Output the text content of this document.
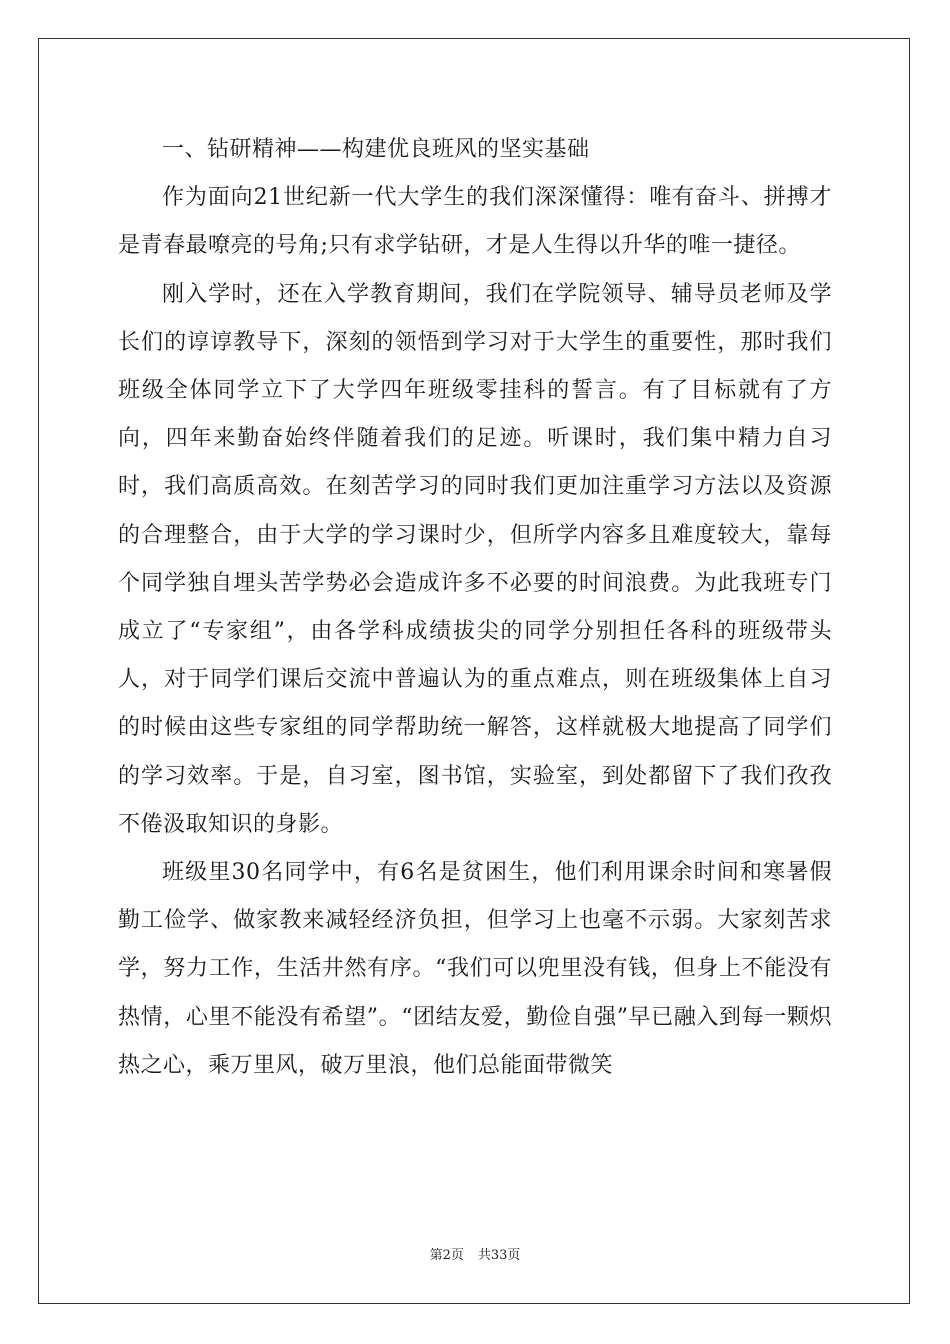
一、钻研精神——构建优良班风的坚实基础

作为面向21世纪新一代大学生的我们深深懂得：唯有奋斗、拼搏才是青春最嘹亮的号角;只有求学钻研，才是人生得以升华的唯一捷径。

刚入学时，还在入学教育期间，我们在学院领导、辅导员老师及学长们的谆谆教导下，深刻的领悟到学习对于大学生的重要性，那时我们班级全体同学立下了大学四年班级零挂科的誓言。有了目标就有了方向，四年来勤奋始终伴随着我们的足迹。听课时，我们集中精力自习时，我们高质高效。在刻苦学习的同时我们更加注重学习方法以及资源的合理整合，由于大学的学习课时少，但所学内容多且难度较大，靠每个同学独自埋头苦学势必会造成许多不必要的时间浪费。为此我班专门成立了“专家组”，由各学科成绩拔尖的同学分别担任各科的班级带头人，对于同学们课后交流中普遍认为的重点难点，则在班级集体上自习的时候由这些专家组的同学帮助统一解答，这样就极大地提高了同学们的学习效率。于是，自习室，图书馆，实验室，到处都留下了我们孜孜不倦汲取知识的身影。

班级里30名同学中，有6名是贫困生，他们利用课余时间和寒暑假勤工俭学、做家教来减轻经济负担，但学习上也毫不示弱。大家刻苦求学，努力工作，生活井然有序。“我们可以兜里没有钱，但身上不能没有热情，心里不能没有希望”。“团结友爱，勤俭自强”早已融入到每一颗炽热之心，乘万里风，破万里浪，他们总能面带微笑

第2页 共33页
